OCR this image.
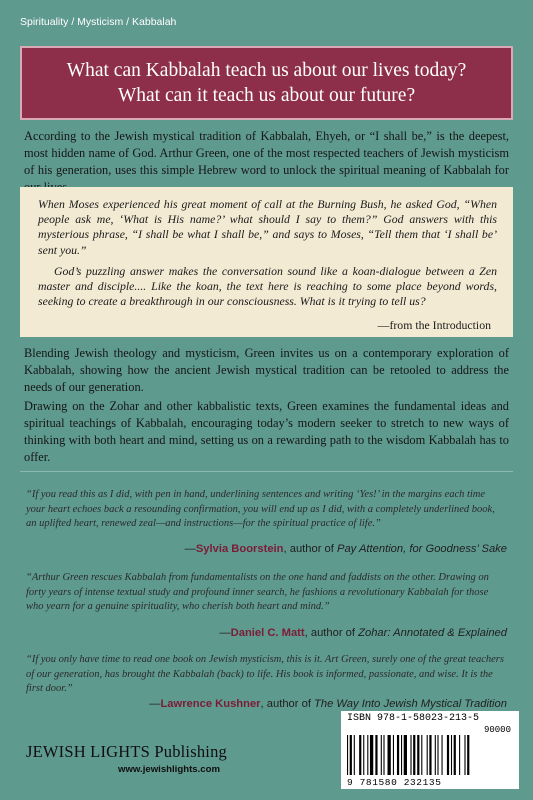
Spirituality / Mysticism / Kabbalah
What can Kabbalah teach us about our lives today?
What can it teach us about our future?
According to the Jewish mystical tradition of Kabbalah, Ehyeh, or “I shall be,” is the deepest, most hidden name of God. Arthur Green, one of the most respected teachers of Jewish mysticism of his generation, uses this simple Hebrew word to unlock the spiritual meaning of Kabbalah for

When Moses experienced his great moment of call at the Burning Bush, he asked God, “When people ask me, ‘What is His name?’ what should I say to them?” God answers with this mysterious phrase, “I shall be what I shall be,” and says to Moses, “Tell them that ‘I shall be’ sent you.”

God’s puzzling answer makes the conversation sound like a koan-dialogue between a Zen master and disciple.... Like the koan, the text here is reaching to some place beyond words, seeking to create a breakthrough in our consciousness. What is it trying to tell us?

—from the Introduction
Blending Jewish theology and mysticism, Green invites us on a contemporary exploration of Kabbalah, showing how the ancient Jewish mystical tradition can be retooled to address the needs of our generation.
Drawing on the Zohar and other kabbalistic texts, Green examines the fundamental ideas and spiritual teachings of Kabbalah, encouraging today’s modern seeker to stretch to new ways of thinking with both heart and mind, setting us on a rewarding path to the wisdom Kabbalah has to offer.
“If you read this as I did, with pen in hand, underlining sentences and writing ‘Yes!’ in the margins each time your heart echoes back a resounding confirmation, you will end up as I did, with a completely underlined book, an uplifted heart, renewed zeal—and instructions—for the spiritual practice of life.”
—Sylvia Boorstein, author of Pay Attention, for Goodness’ Sake
“Arthur Green rescues Kabbalah from fundamentalists on the one hand and faddists on the other. Drawing on forty years of intense textual study and profound inner search, he fashions a revolutionary Kabbalah for those who yearn for a genuine spirituality, who cherish both heart and mind.”
—Daniel C. Matt, author of Zohar: Annotated & Explained
“If you only have time to read one book on Jewish mysticism, this is it. Art Green, surely one of the great teachers of our generation, has brought the Kabbalah (back) to life. His book is informed, passionate, and wise. It is the first door.”
—Lawrence Kushner, author of The Way Into Jewish Mystical Tradition
JEWISH LIGHTS Publishing
www.jewishlights.com
ISBN 978-1-58023-213-5
90000
9 781580 232135
